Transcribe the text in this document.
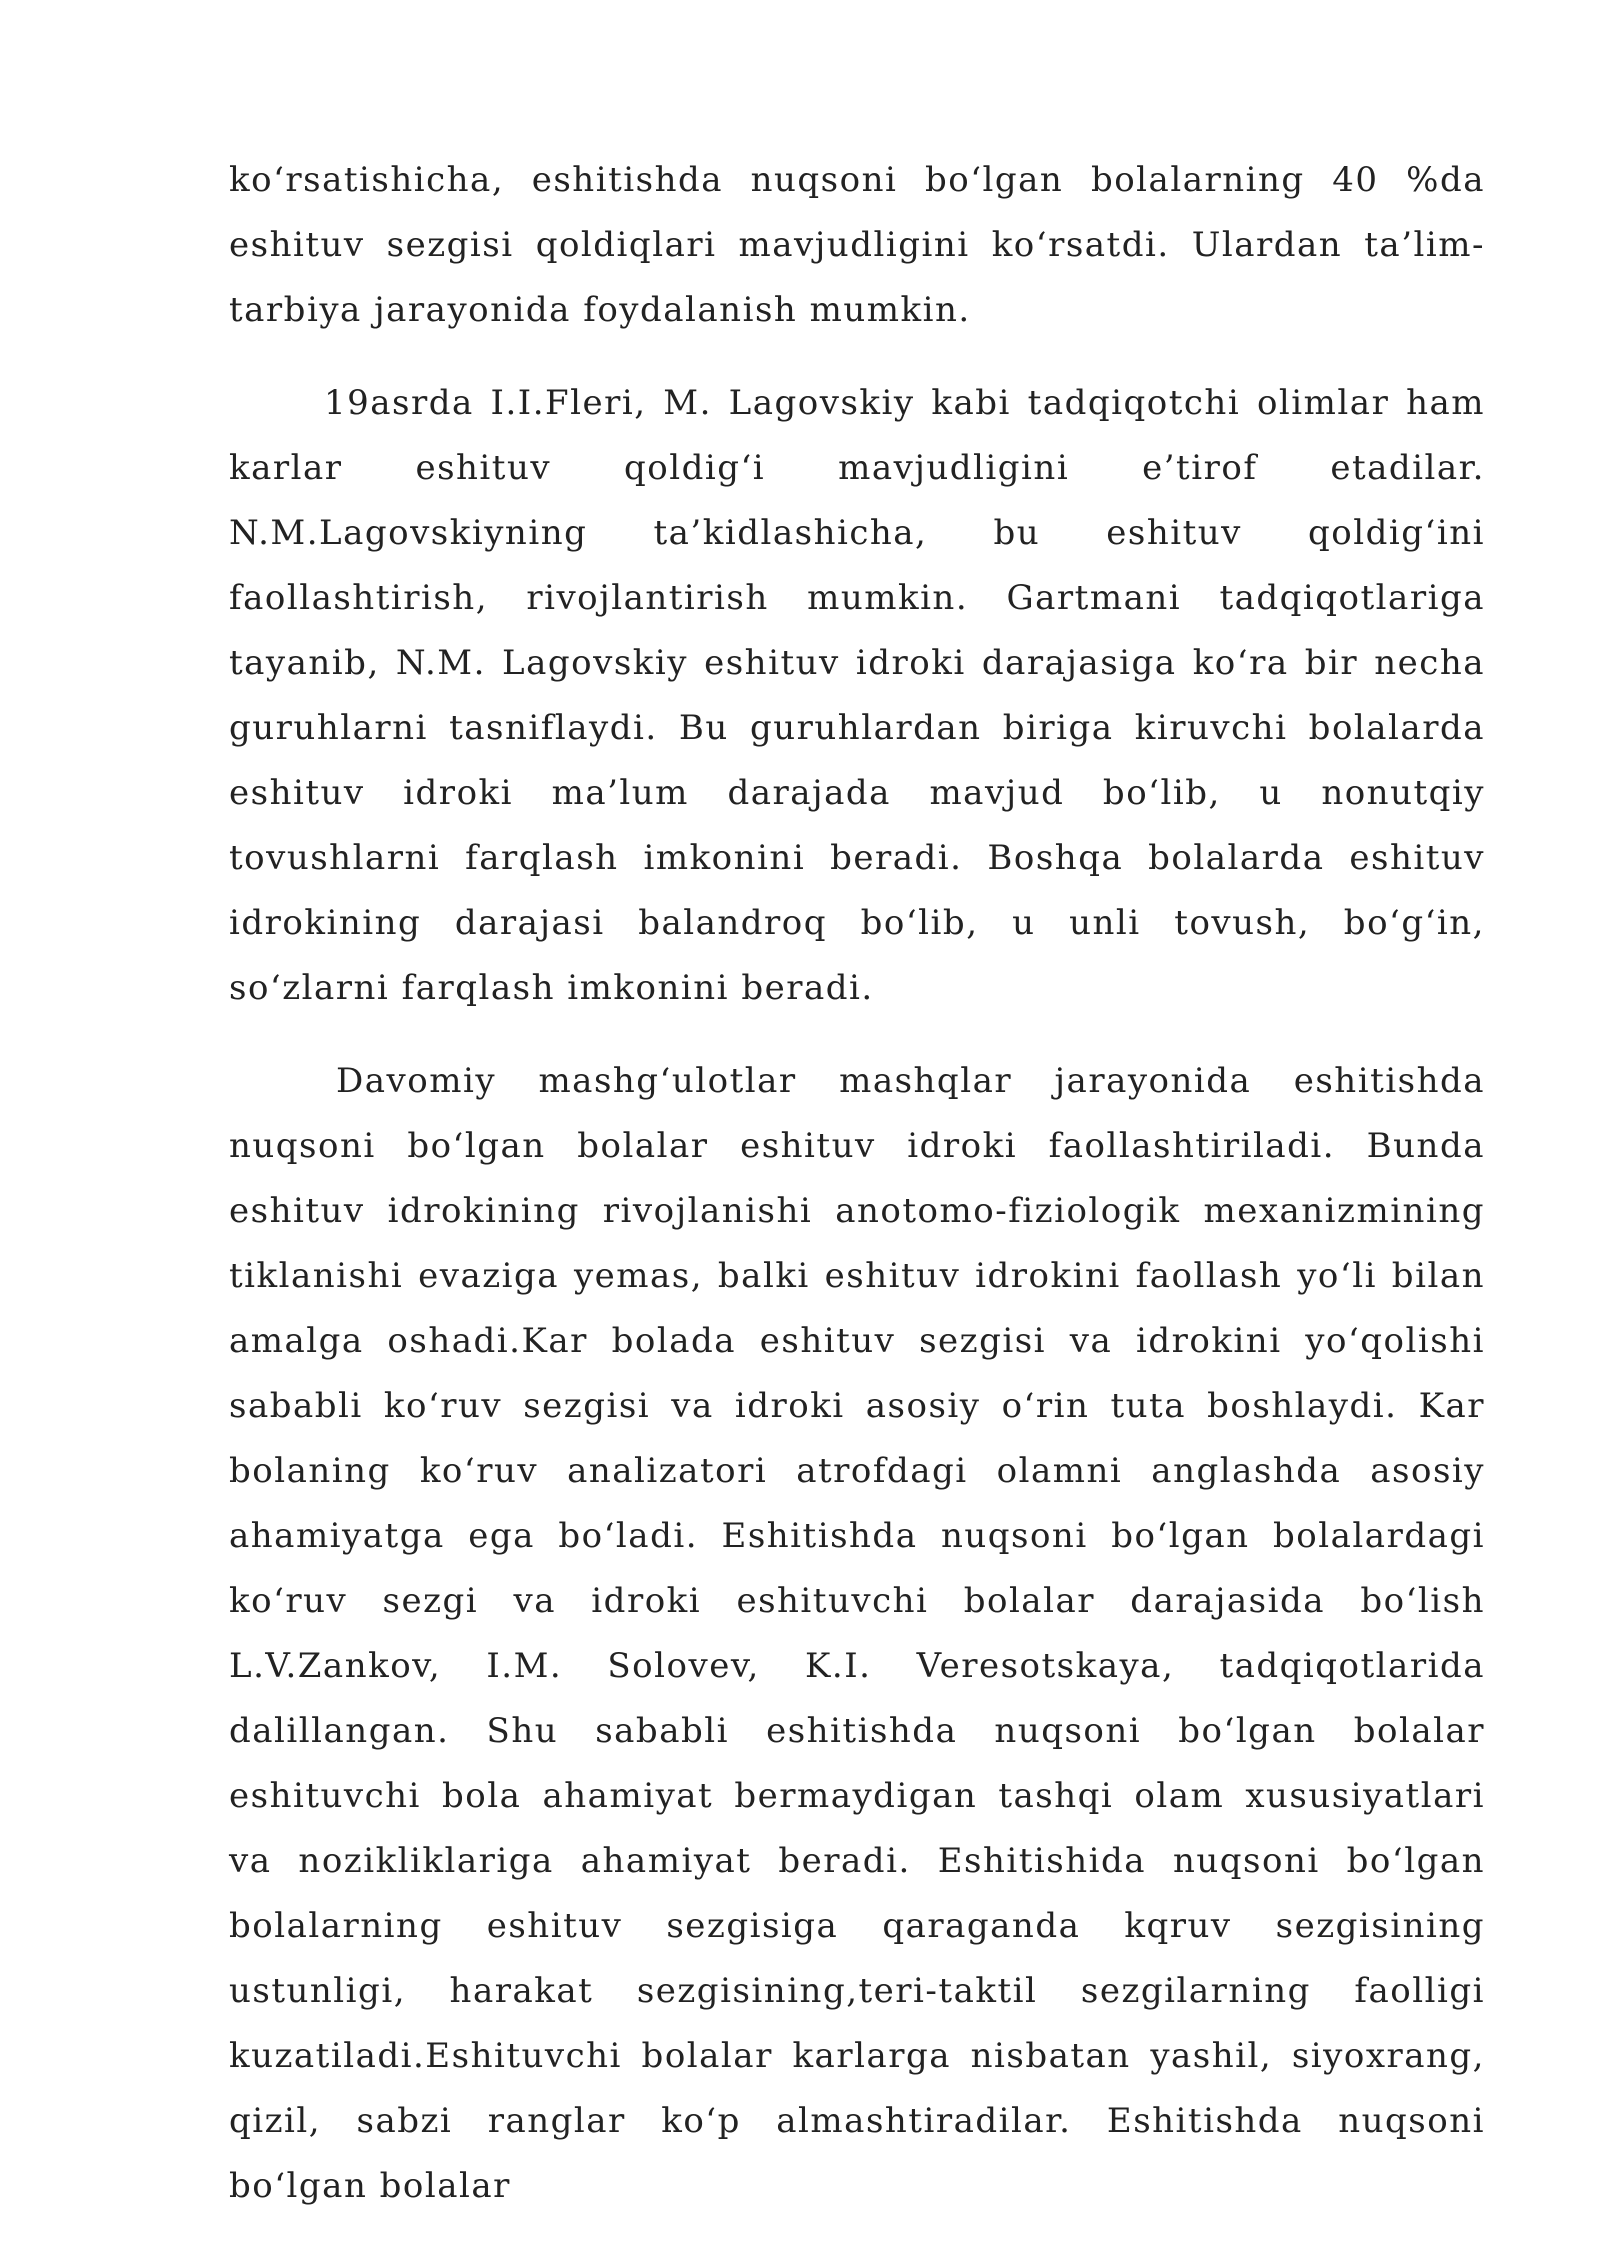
ko‘rsatishicha, eshitishda nuqsoni bo‘lgan bolalarning 40 %da eshituv sezgisi qoldiqlari mavjudligini ko‘rsatdi. Ulardan ta’lim-tarbiya jarayonida foydalanish mumkin.

19asrda I.I.Fleri, M. Lagovskiy kabi tadqiqotchi olimlar ham karlar eshituv qoldig‘i mavjudligini e’tirof etadilar. N.M.Lagovskiyning ta’kidlashicha, bu eshituv qoldig‘ini faollashtirish, rivojlantirish mumkin. Gartmani tadqiqotlariga tayanib, N.M. Lagovskiy eshituv idroki darajasiga ko‘ra bir necha guruhlarni tasniflaydi. Bu guruhlardan biriga kiruvchi bolalarda eshituv idroki ma’lum darajada mavjud bo‘lib, u nonutqiy tovushlarni farqlash imkonini beradi. Boshqa bolalarda eshituv idrokining darajasi balandroq bo‘lib, u unli tovush, bo‘g‘in, so‘zlarni farqlash imkonini beradi.

Davomiy mashg‘ulotlar mashqlar jarayonida eshitishda nuqsoni bo‘lgan bolalar eshituv idroki faollashtiriladi. Bunda eshituv idrokining rivojlanishi anotomo-fiziologik mexanizmining tiklanishi evaziga yemas, balki eshituv idrokini faollash yo‘li bilan amalga oshadi.Kar bolada eshituv sezgisi va idrokini yo‘qolishi sababli ko‘ruv sezgisi va idroki asosiy o‘rin tuta boshlaydi. Kar bolaning ko‘ruv analizatori atrofdagi olamni anglashda asosiy ahamiyatga ega bo‘ladi. Eshitishda nuqsoni bo‘lgan bolalardagi ko‘ruv sezgi va idroki eshituvchi bolalar darajasida bo‘lish L.V.Zankov, I.M. Solovev, K.I. Veresotskaya, tadqiqotlarida dalillangan. Shu sababli eshitishda nuqsoni bo‘lgan bolalar eshituvchi bola ahamiyat bermaydigan tashqi olam xususiyatlari va nozikliklariga ahamiyat beradi. Eshitishida nuqsoni bo‘lgan bolalarning eshituv sezgisiga qaraganda kqruv sezgisining ustunligi, harakat sezgisining,teri-taktil sezgilarning faolligi kuzatiladi.Eshituvchi bolalar karlarga nisbatan yashil, siyoxrang, qizil, sabzi ranglar ko‘p almashtiradilar. Eshitishda nuqsoni bo‘lgan bolalar
